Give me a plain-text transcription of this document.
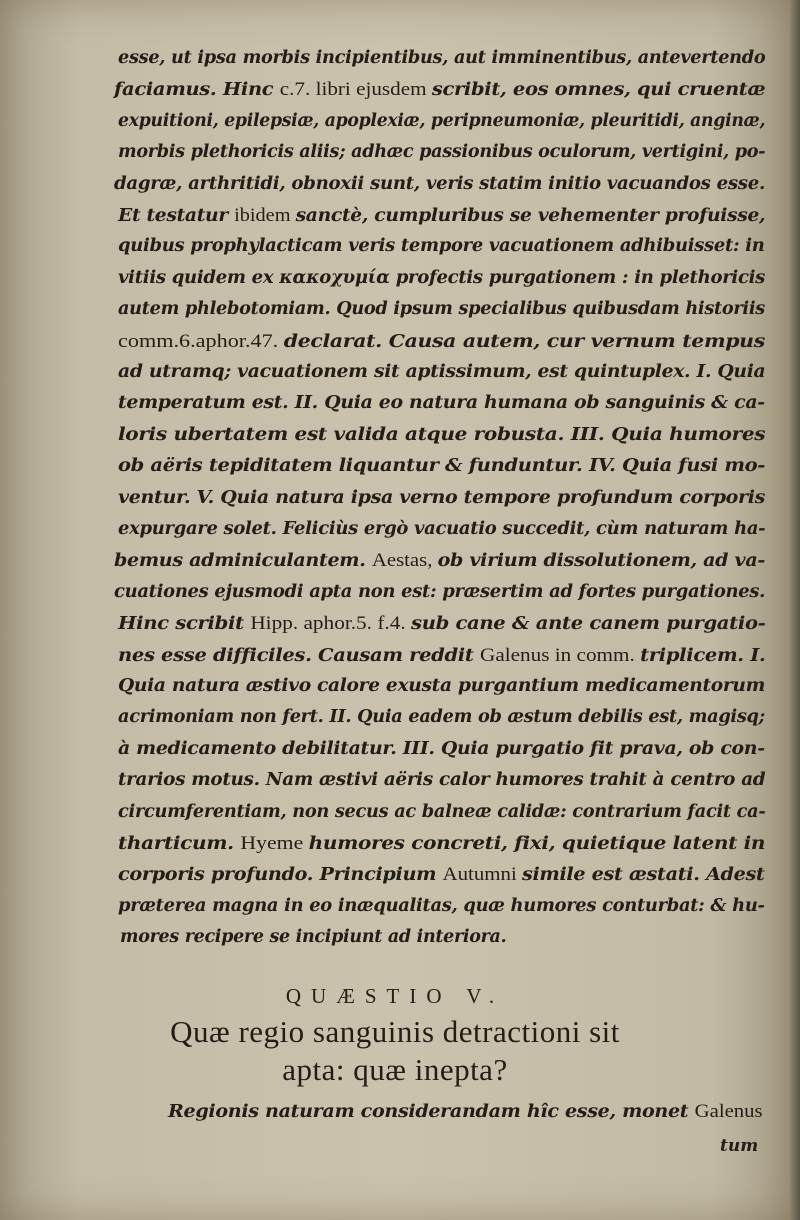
esse, ut ipsa morbis incipientibus, aut imminentibus, antevertendo
faciamus. Hinc c.7. libri ejusdem scribit, eos omnes, qui cruentæ
expuitioni, epilepsiæ, apoplexiæ, peripneumoniæ, pleuritidi, anginæ,
morbis plethoricis aliis; adhæc passionibus oculorum, vertigini, po-
dagræ, arthritidi, obnoxii sunt, veris statim initio vacuandos esse.
Et testatur ibidem sanctè, cumpluribus se vehementer profuisse,
quibus prophylacticam veris tempore vacuationem adhibuisset: in
vitiis quidem ex κακοχυμία profectis purgationem : in plethoricis
autem phlebotomiam. Quod ipsum specialibus quibusdam historiis
comm.6.aphor.47. declarat. Causa autem, cur vernum tempus
ad utramq; vacuationem sit aptissimum, est quintuplex. I. Quia
temperatum est. II. Quia eo natura humana ob sanguinis & ca-
loris ubertatem est valida atque robusta. III. Quia humores
ob aëris tepiditatem liquantur & funduntur. IV. Quia fusi mo-
ventur. V. Quia natura ipsa verno tempore profundum corporis
expurgare solet. Feliciùs ergò vacuatio succedit, cùm naturam ha-
bemus adminiculantem. Aestas, ob virium dissolutionem, ad va-
cuationes ejusmodi apta non est: præsertim ad fortes purgationes.
Hinc scribit Hipp. aphor.5. f.4. sub cane & ante canem purgatio-
nes esse difficiles. Causam reddit Galenus in comm. triplicem. I.
Quia natura æstivo calore exusta purgantium medicamentorum
acrimoniam non fert. II. Quia eadem ob æstum debilis est, magisq;
à medicamento debilitatur. III. Quia purgatio fit prava, ob con-
trarios motus. Nam æstivi aëris calor humores trahit à centro ad
circumferentiam, non secus ac balneæ calidæ: contrarium facit ca-
tharticum. Hyeme humores concreti, fixi, quietique latent in
corporis profundo. Principium Autumni simile est æstati. Adest
præterea magna in eo inæqualitas, quæ humores conturbat: & hu-
mores recipere se incipiunt ad interiora.
QUÆSTIO V.
Quæ regio sanguinis detractioni sit
apta: quæ inepta?
Regionis naturam considerandam hîc esse, monet Galenus
tum
